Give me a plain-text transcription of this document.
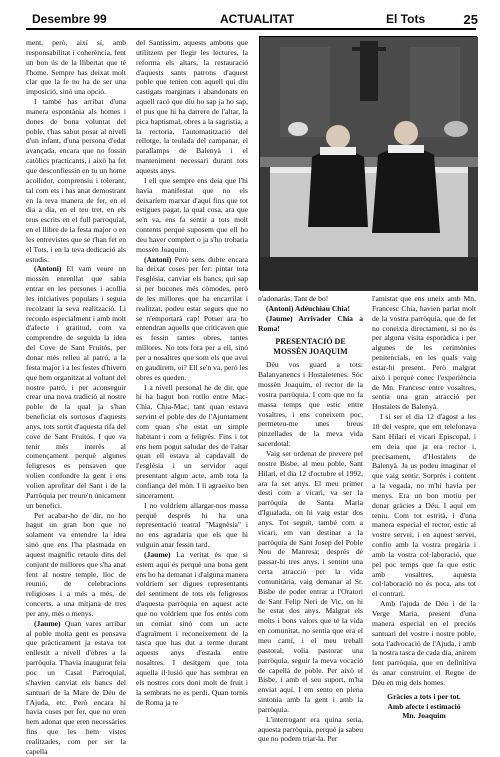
Desembre 99	ACTUALITAT	El Tots	25

ment, però, així sí, amb responsabilitat i coherència, fent un bon ús de la llibertat que té l'home. Sempre has deixat molt clar que la fe no ha de ser una imposició, sinó una opció.

I també has arribat d'una manera espontània als homes i dones de bona voluntat del poble, t'has sabut posar al nivell d'un infant, d'una persona d'edat avançada, encara que no fossin catòlics practicants, i això ha fet que desconfiessin en tu un home acollidor, comprensiu i tolerant, tal com ets i has anat demostrant en la teva manera de fer, en el dia a dia, en el teu tret, en els teus escrits en el full parroquial, en el llibre de la festa major o en les entrevistes que se t'han fet en el Tots, i en la teva dedicació als estudis.

(Antoni) El vam veure un mossèn enrenllat que sabia entrar en les persones i acollia les iniciatives populars i seguia recolzant la seva realització. Li recordo especialment i amb molt d'afecte i gratitud, com va comprendre de seguida la idea del Cove de Sant Fruitós, per donar més relleu al patró, a la festa major i a les festes d'hivern que hem organitzat al voltant del nostre patró, i per aconseguir crear una nova tradició al nostre poble de la qual ja s'han beneficiat els sortosos d'aquests anys, tots sortit d'aquesta rifa del cove de Sant Fruitós. I que va tenir més interès al començament perquè algunes feligresos es pensaven que volien confondre la gent i ens volien aprofitar del Sant i de la Parròquia per treure'n únicament un benefici.

Per acabar-ho de dir, no ho hagut un gran bon que no solament va entendre la idea sinó que ens l'ha plasmada en aquest magnífic retaule dins del conjunt de millores que s'ha anat fent al nostre temple, lloc de reunió, de celebracions religioses i a més a més, de concerts, a una mitjana de tres per any, més o menys.

(Jaume) Quan vares arribar al poble molta gent es pensava que pràcticament ja estava tot enllestit a nivell d'obres a la parròquia. T'havia inaugurat feia poc un Casal Parroquial, s'havien canviat els bancs del santuari de la Mare de Déu de l'Ajuda, etc. Però encara hi havia coses per fer, que no eren hem adonat que eren necessàries fins que les hem vistes realitzades, com per ser la capella

del Santíssim, aquests ambons que utilitzem per llegir les lectures, la reforma els altars, la restauració d'aquests sants patrons d'aquest poble que tenien con aquell qui diu castigats marginats i abandonats en aquell racó que diu ho sap ja ho sap, el pus que hi ha darrere de l'altar, la pica baptismal, obres a la sagristia, a la rectoria, l'automatització del rellotge, la teulada del campanar, el parallamps de Balenyà i el manteniment necessari durant tots aquests anys.

I ell que sempre ens deia que l'hi havia manifestat que no els deixaríem marxar d'aquí fins que tot estigues pagat, la qual cosa, ara que se'n va, ens fa sentir a tots molt contents perquè suposem que ell ho deu haver complert o ja s'ho trobaria mossèn Joaquim.

(Antoni) Però sens dubte encara ha deixat coses per fer: pintar tota l'església, canviar els bancs, qui sap si per bucones més còmodes, però de les millores que ha encarrilat i realitzat, podeu estar segurs que no se n'emportarà cap! Potser ara ho entendran aquells que criticaven que es fessin tantes obres, tantes millores. No tots fora per a ell, sinó per a nosaltres que som els que avui en gaudirem, oi? Ell se'n va, però les obres es queden.

I a nivell personal he de dir, que hi ha hagut bon rotllo entre Mac-Chia, Chia-Mac, tant quan estava servint el poble des de l'Ajuntament com quan s'he estat un simple habitant i com a feligrès. Fins i tot ens hem pogut saludar des de l'altar quan ell estava al capdavall de l'església i un servidor aquí presentant algun acte, amb tota la confiança del món. I li agraeixo ben sincerament.

I no voldríem allargar-nos massa perquè després hi ha una representació teatral "Magnèsia" i no ens agradaria que els que hi vulguin anar fessin tard.

(Jaume) La veritat és que si estem aquí és perquè una bona gent ens ho ha demanat i d'alguna manera voldríem ser digues representants del sentiment de tots els feligresos d'aquesta parròquia en aquest acte que no voldríem que fos entès com un comiat sinó com un acte d'agraïment i reconeixement de la tasca que has dut a terme durant aquests anys d'estada entre nosaltres. I desitgem que tota aquella il·lusió que has sembrat en els nostres cors doni molt de fruit i la sembrats no es perdi. Quan tornis de Roma ja te

n'adonaràs. Tant de bo!

(Antoni) Adéuchiau Chia!

(Jaume) Arrivader Chia a Roma!

PRESENTACIÓ DE MOSSÈN JOAQUIM

Déu vos guard a tots: Balanyanencs i Hostaletenes. Sóc mossèn Joaquim, el rector de la vostra parròquia. I com que no fa massa temps que estic entre vosaltres, i ens coneixem poc, permeteu-me unes breus pinzellades de la meva vida sacerdotal.

Vaig ser ordenat de prevere pel nostre Bisbe, al meu poble, Sant Hilari, el dia 12 d'octubre el 1992, ara fa set anys. El meu primer destí com a vicari, va ser la parròquia de Santa Maria d'Igualada, on hi vaig estar dos anys. Tot seguit, també com a vicari, em van destinar a la parròquia de Sant Josep del Poble Nou de Manresa; després de passar-hi tres anys, i sentint una certa atracció per la vida comunitària, vaig demanar al Sr. Bisbe de poder entrar a l'Oratori de Sant Felip Neri de Vic, on hi he estat dos anys. Malgrat els molts i bons valors que té la vida en comunitat, no sentia que era el meu camí, i el meu treball pastoral, volia pastorar una parròquia, seguir la meva vocació de capellà de poble. Per això el Bisbe, i amb el seu suport, m'ha enviat aquí. I em sento en plena sintonia amb la gent i amb la parròquia.

L'interrogant era quina seria, aquesta parròquia, perquè ja sabeu que no podem triar-la. Per

l'amistat que ens uneix amb Mn. Francesc Chia, havien parlat molt de la vostra parròquia, que de fet no coneixia directament, si no és per alguna visita esporàdica i per algunes de les cerimònies penitencials, en les quals vaig estar-hi present. Però malgrat això i perquè conec l'experiència de Mn. Francesc entre vosaltres, sentia una gran atracció per Hostalets de Balenyà.

I si ser el dia 12 d'agost a les 10 del vespre, que em telefonava Sant Hilari el vicari Episcopal, i em deia que ja era rector i, precisament, d'Hostalets de Balenyà. Ja us podeu imaginar el que vaig sentir. Sorprès i content a la vegada, no m'hi havia per menys. Era un bon motiu per donar gràcies a Déu. I aquí em teniu. Com tot estrità, i d'una manera especial el rector, estic al vostre servei, i en aquest servei, confio amb la vostra pregària i amb la vostra col·laboració, que pel poc temps que fa que estic amb vosaltres, aquesta col·laboració no és poca, ans tot el contrari.

Amb l'ajuda de Déu i de la Verge Maria, present d'una manera especial en el preciós santuari del vostre i nostre poble, sota l'advocació de l'Ajuda, i amb la nostra tasca de cada dia, anirem fent parròquia, que en definitiva és anar construint el Regne de Déu en mig dels homes.

Gràcies a tots i per tot.
Amb afecte i estimació
Mn. Joaquim
